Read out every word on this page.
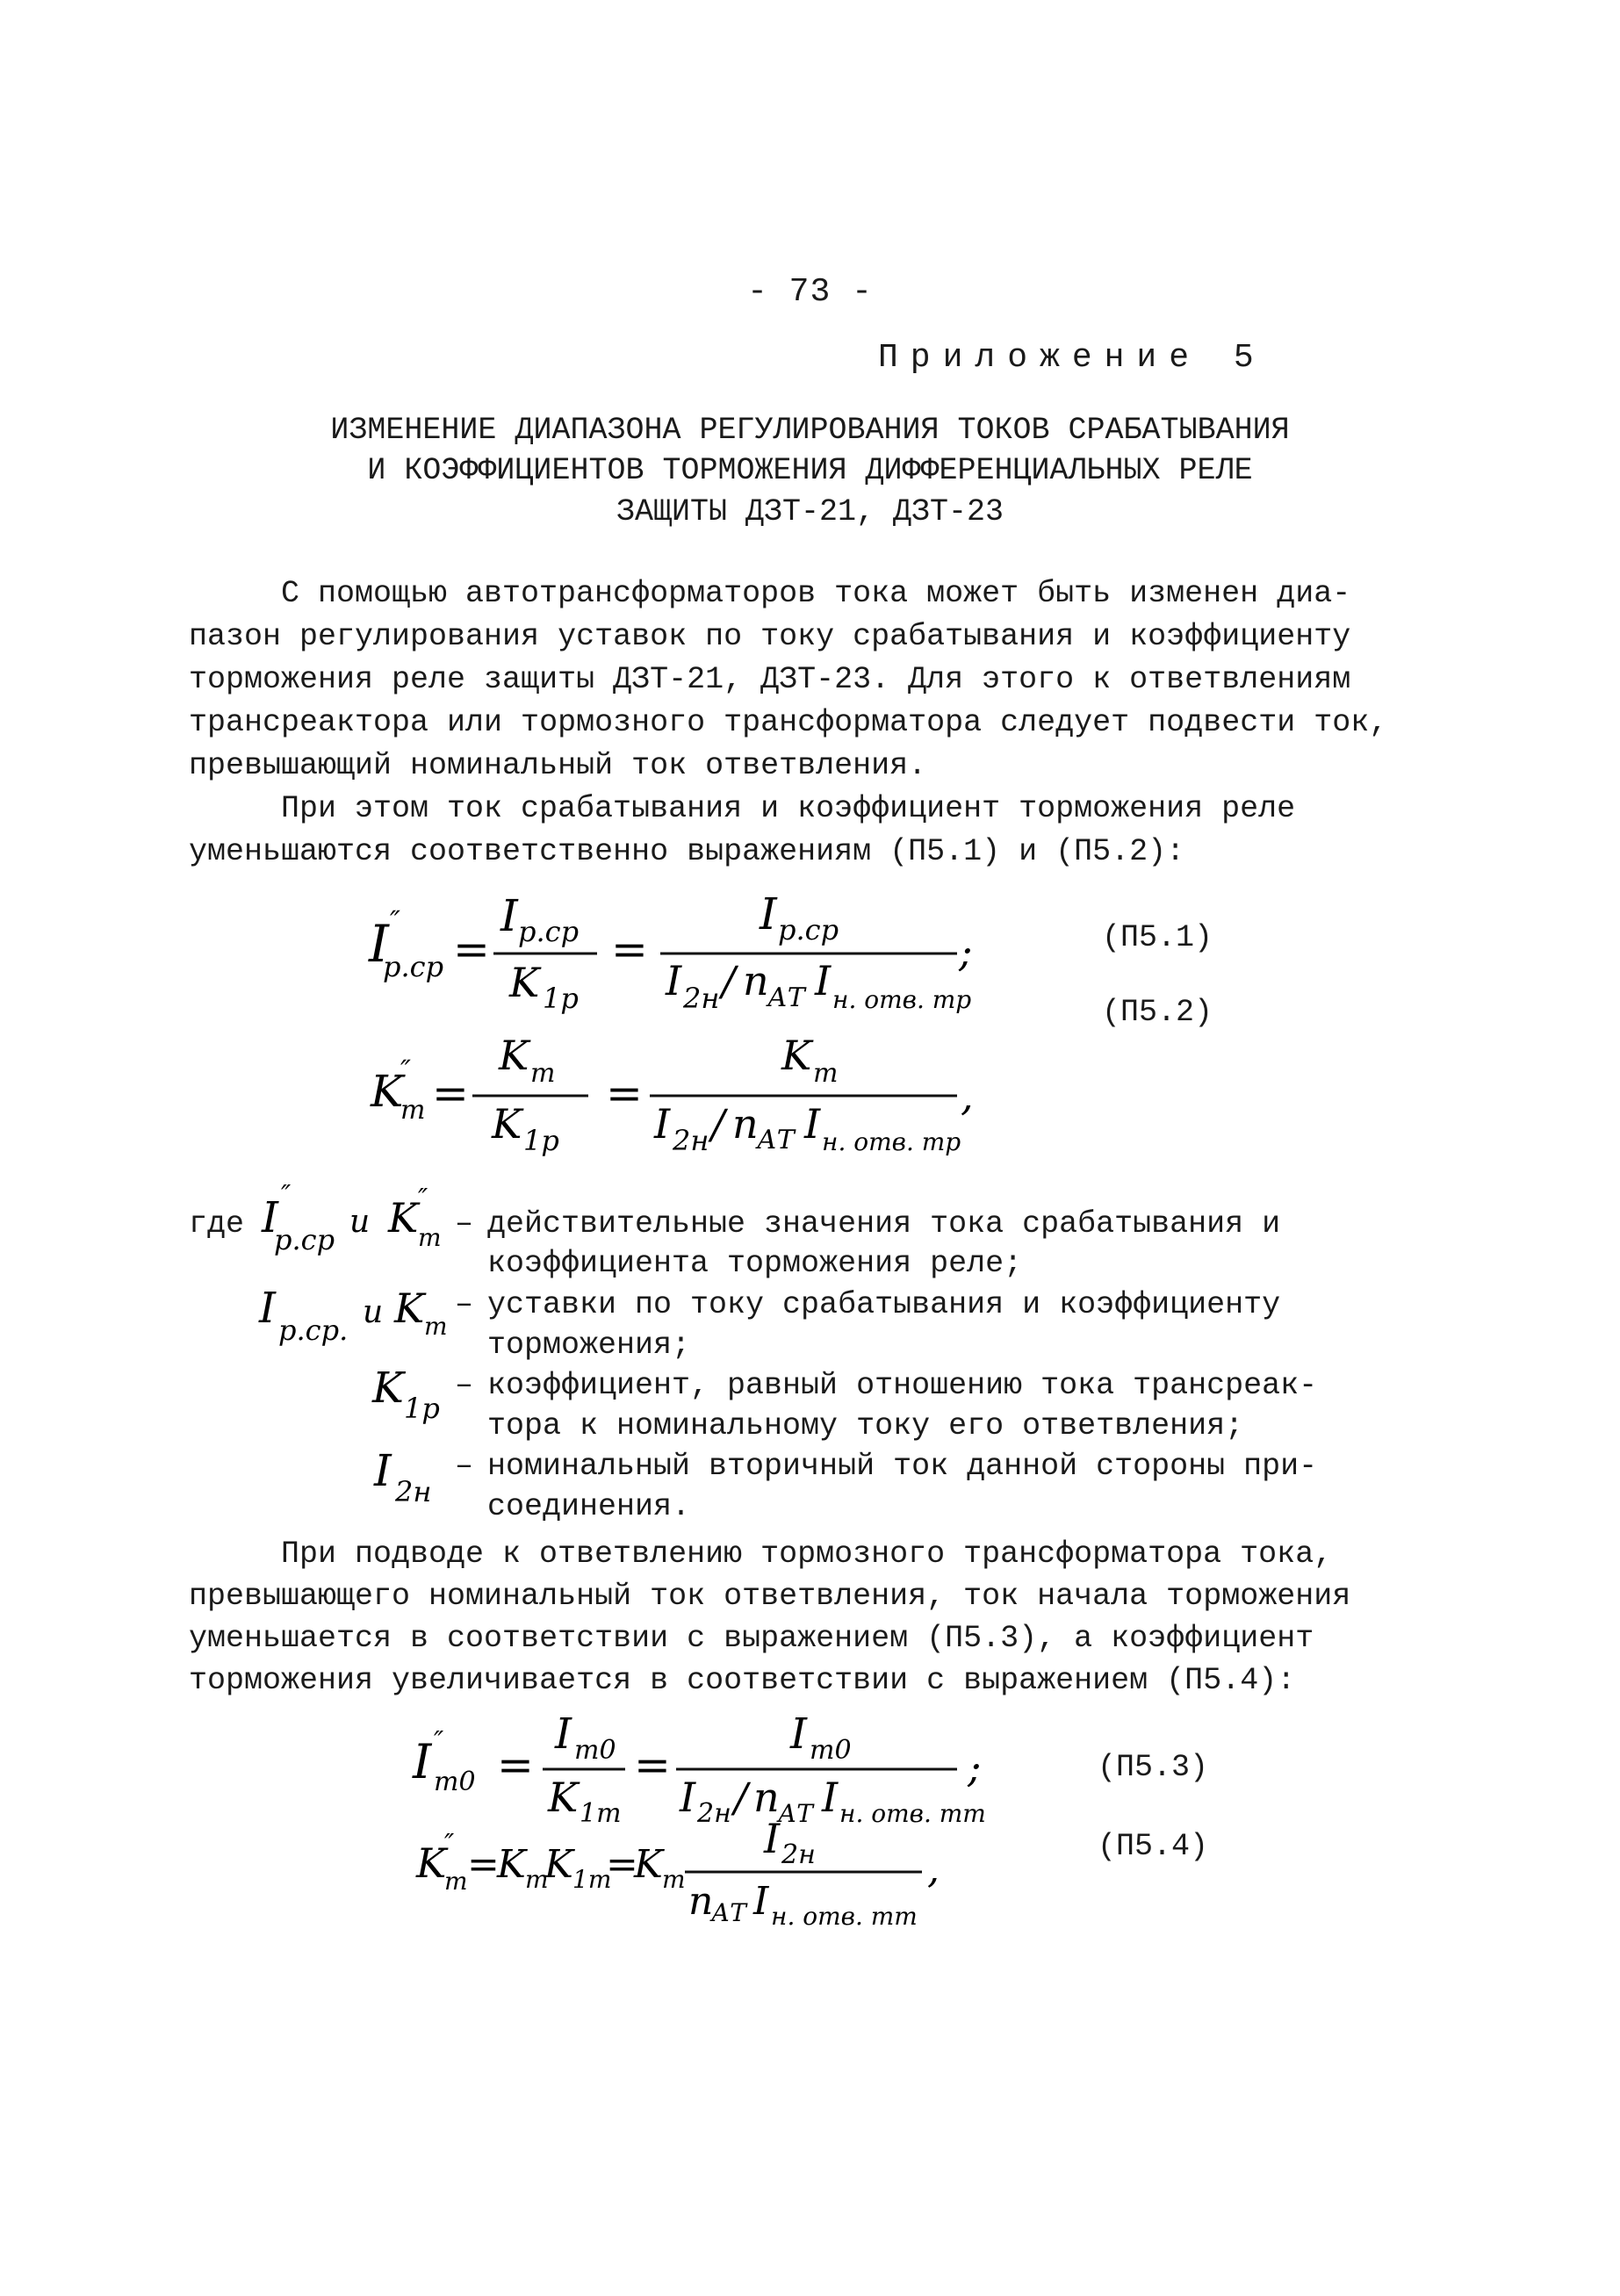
- 73 -
Приложение 5
ИЗМЕНЕНИЕ ДИАПАЗОНА РЕГУЛИРОВАНИЯ ТОКОВ СРАБАТЫВАНИЯ
И КОЭФФИЦИЕНТОВ ТОРМОЖЕНИЯ ДИФФЕРЕНЦИАЛЬНЫХ РЕЛЕ
ЗАЩИТЫ ДЗТ-21, ДЗТ-23
С помощью автотрансформаторов тока может быть изменен диа-
пазон регулирования уставок по току срабатывания и коэффициенту
торможения реле защиты ДЗТ-21, ДЗТ-23. Для этого к ответвлениям
трансреактора или тормозного трансформатора следует подвести ток,
превышающий номинальный ток ответвления.
При этом ток срабатывания и коэффициент торможения реле
уменьшаются соответственно выражениям (П5.1) и (П5.2):
I ″
р.ср =
I р.ср
K 1р
=
I р.ср
I 2н / n
АТ I н. отв. тр
;	(П5.1)
(П5.2)
K
″
т =
K т
K 1р
=
K т
I 2н / n
АТ I н. отв. тр
,
где I ″
р.ср и K ″
т – действительные значения тока срабатывания и
коэффициента торможения реле;
I р.ср. и K т
– уставки по току срабатывания и коэффициенту
торможения;
K 1р
– коэффициент, равный отношению тока трансреак-
тора к номинальному току его ответвления;
I 2н
– номинальный вторичный ток данной стороны при-
соединения.
При подводе к ответвлению тормозного трансформатора тока,
превышающего номинальный ток ответвления, ток начала торможения
уменьшается в соответствии с выражением (П5.3), а коэффициент
торможения увеличивается в соответствии с выражением (П5.4):
I ″
т0 =
I т0
K 1т
=
I т0
I 2н / n
АТ I н. отв. тт
;	(П5.3)
K
″
т =
K т
K 1т
=
K т
I 2н
n
АТ I н. отв. тт
,
(П5.4)
